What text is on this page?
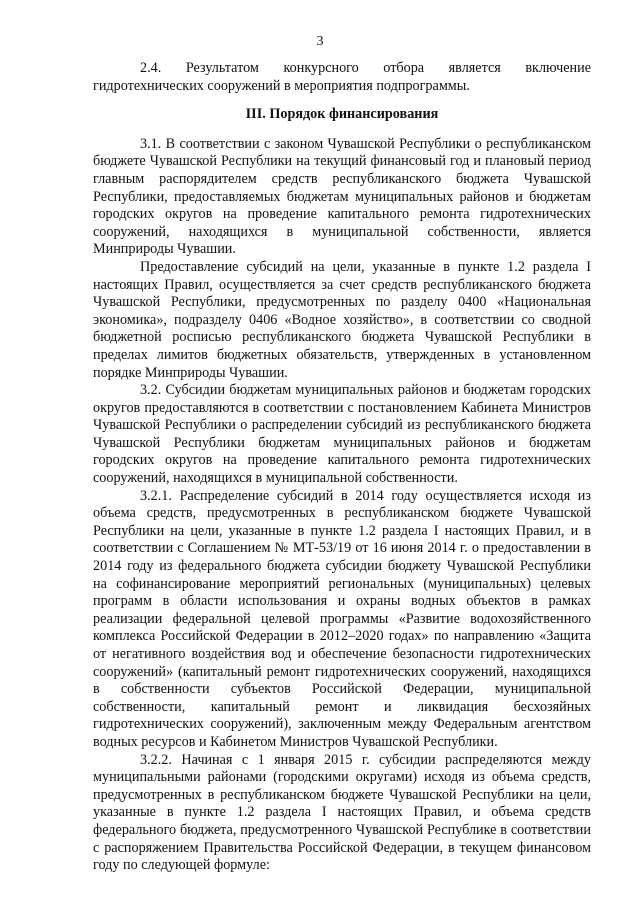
3

2.4. Результатом конкурсного отбора является включение гидротехнических сооружений в мероприятия подпрограммы.

III. Порядок финансирования

3.1. В соответствии с законом Чувашской Республики о республиканском бюджете Чувашской Республики на текущий финансовый год и плановый период главным распорядителем средств республиканского бюджета Чувашской Республики, предоставляемых бюджетам муниципальных районов и бюджетам городских округов на проведение капитального ремонта гидротехнических сооружений, находящихся в муниципальной собственности, является Минприроды Чувашии.

Предоставление субсидий на цели, указанные в пункте 1.2 раздела I настоящих Правил, осуществляется за счет средств республиканского бюджета Чувашской Республики, предусмотренных по разделу 0400 «Национальная экономика», подразделу 0406 «Водное хозяйство», в соответствии со сводной бюджетной росписью республиканского бюджета Чувашской Республики в пределах лимитов бюджетных обязательств, утвержденных в установленном порядке Минприроды Чувашии.

3.2. Субсидии бюджетам муниципальных районов и бюджетам городских округов предоставляются в соответствии с постановлением Кабинета Министров Чувашской Республики о распределении субсидий из республиканского бюджета Чувашской Республики бюджетам муниципальных районов и бюджетам городских округов на проведение капитального ремонта гидротехнических сооружений, находящихся в муниципальной собственности.

3.2.1. Распределение субсидий в 2014 году осуществляется исходя из объема средств, предусмотренных в республиканском бюджете Чувашской Республики на цели, указанные в пункте 1.2 раздела I настоящих Правил, и в соответствии с Соглашением № МТ-53/19 от 16 июня 2014 г. о предоставлении в 2014 году из федерального бюджета субсидии бюджету Чувашской Республики на софинансирование мероприятий региональных (муниципальных) целевых программ в области использования и охраны водных объектов в рамках реализации федеральной целевой программы «Развитие водохозяйственного комплекса Российской Федерации в 2012–2020 годах» по направлению «Защита от негативного воздействия вод и обеспечение безопасности гидротехнических сооружений» (капитальный ремонт гидротехнических сооружений, находящихся в собственности субъектов Российской Федерации, муниципальной собственности, капитальный ремонт и ликвидация бесхозяйных гидротехнических сооружений), заключенным между Федеральным агентством водных ресурсов и Кабинетом Министров Чувашской Республики.

3.2.2. Начиная с 1 января 2015 г. субсидии распределяются между муниципальными районами (городскими округами) исходя из объема средств, предусмотренных в республиканском бюджете Чувашской Республики на цели, указанные в пункте 1.2 раздела I настоящих Правил, и объема средств федерального бюджета, предусмотренного Чувашской Республике в соответствии с распоряжением Правительства Российской Федерации, в текущем финансовом году по следующей формуле:
